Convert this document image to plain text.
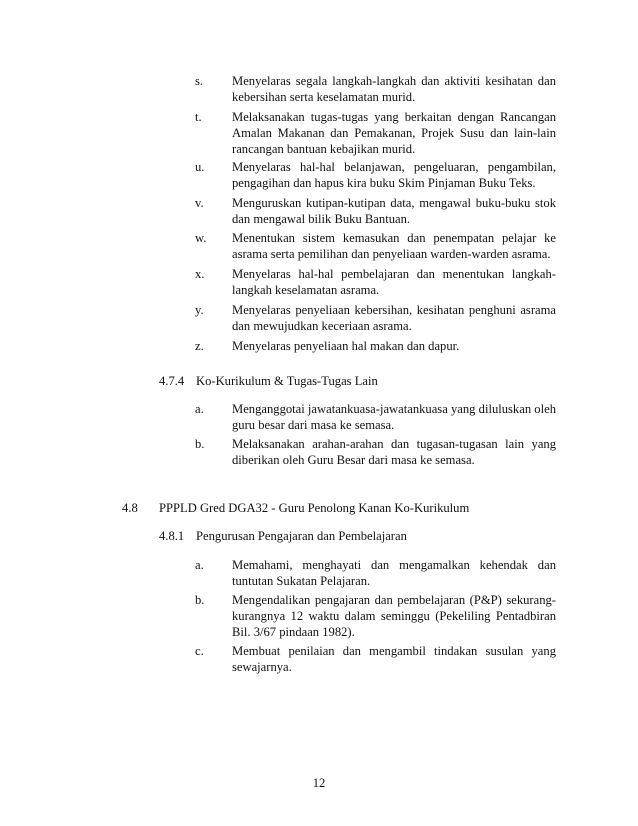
s. Menyelaras segala langkah-langkah dan aktiviti kesihatan dan
kebersihan serta keselamatan murid.
t. Melaksanakan tugas-tugas yang berkaitan dengan Rancangan
Amalan Makanan dan Pemakanan, Projek Susu dan lain-lain
rancangan bantuan kebajikan murid.
u. Menyelaras hal-hal belanjawan, pengeluaran, pengambilan,
pengagihan dan hapus kira buku Skim Pinjaman Buku Teks.
v. Menguruskan kutipan-kutipan data, mengawal buku-buku stok
dan mengawal bilik Buku Bantuan.
w. Menentukan sistem kemasukan dan penempatan pelajar ke
asrama serta pemilihan dan penyeliaan warden-warden asrama.
x. Menyelaras hal-hal pembelajaran dan menentukan langkah-
langkah keselamatan asrama.
y. Menyelaras penyeliaan kebersihan, kesihatan penghuni asrama
dan mewujudkan keceriaan asrama.
z. Menyelaras penyeliaan hal makan dan dapur.
4.7.4 Ko-Kurikulum & Tugas-Tugas Lain
a. Menganggotai jawatankuasa-jawatankuasa yang diluluskan oleh
guru besar dari masa ke semasa.
b. Melaksanakan arahan-arahan dan tugasan-tugasan lain yang
diberikan oleh Guru Besar dari masa ke semasa.
4.8 PPPLD Gred DGA32 - Guru Penolong Kanan Ko-Kurikulum
4.8.1 Pengurusan Pengajaran dan Pembelajaran
a. Memahami, menghayati dan mengamalkan kehendak dan
tuntutan Sukatan Pelajaran.
b. Mengendalikan pengajaran dan pembelajaran (P&P) sekurang-
kurangnya 12 waktu dalam seminggu (Pekeliling Pentadbiran
Bil. 3/67 pindaan 1982).
c. Membuat penilaian dan mengambil tindakan susulan yang
sewajarnya.
12
